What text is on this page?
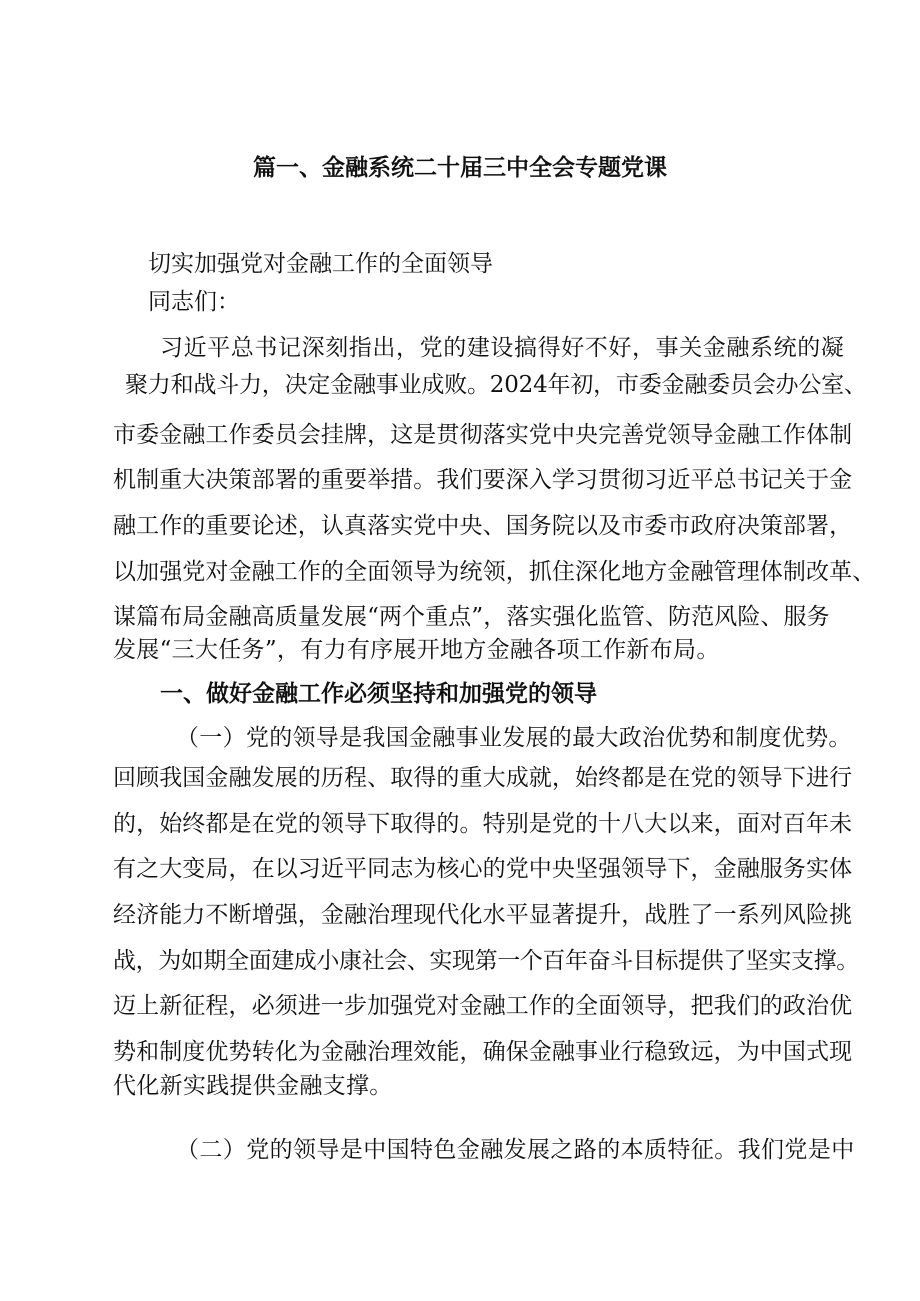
篇一、金融系统二十届三中全会专题党课
切实加强党对金融工作的全面领导
同志们：
习近平总书记深刻指出，党的建设搞得好不好，事关金融系统的凝
聚力和战斗力，决定金融事业成败。2024年初，市委金融委员会办公室、
市委金融工作委员会挂牌，这是贯彻落实党中央完善党领导金融工作体制
机制重大决策部署的重要举措。我们要深入学习贯彻习近平总书记关于金
融工作的重要论述，认真落实党中央、国务院以及市委市政府决策部署，
以加强党对金融工作的全面领导为统领，抓住深化地方金融管理体制改革、
谋篇布局金融高质量发展“两个重点”，落实强化监管、防范风险、服务
发展“三大任务”，有力有序展开地方金融各项工作新布局。
一、做好金融工作必须坚持和加强党的领导
（一）党的领导是我国金融事业发展的最大政治优势和制度优势。
回顾我国金融发展的历程、取得的重大成就，始终都是在党的领导下进行
的，始终都是在党的领导下取得的。特别是党的十八大以来，面对百年未
有之大变局，在以习近平同志为核心的党中央坚强领导下，金融服务实体
经济能力不断增强，金融治理现代化水平显著提升，战胜了一系列风险挑
战，为如期全面建成小康社会、实现第一个百年奋斗目标提供了坚实支撑。
迈上新征程，必须进一步加强党对金融工作的全面领导，把我们的政治优
势和制度优势转化为金融治理效能，确保金融事业行稳致远，为中国式现
代化新实践提供金融支撑。
（二）党的领导是中国特色金融发展之路的本质特征。我们党是中
